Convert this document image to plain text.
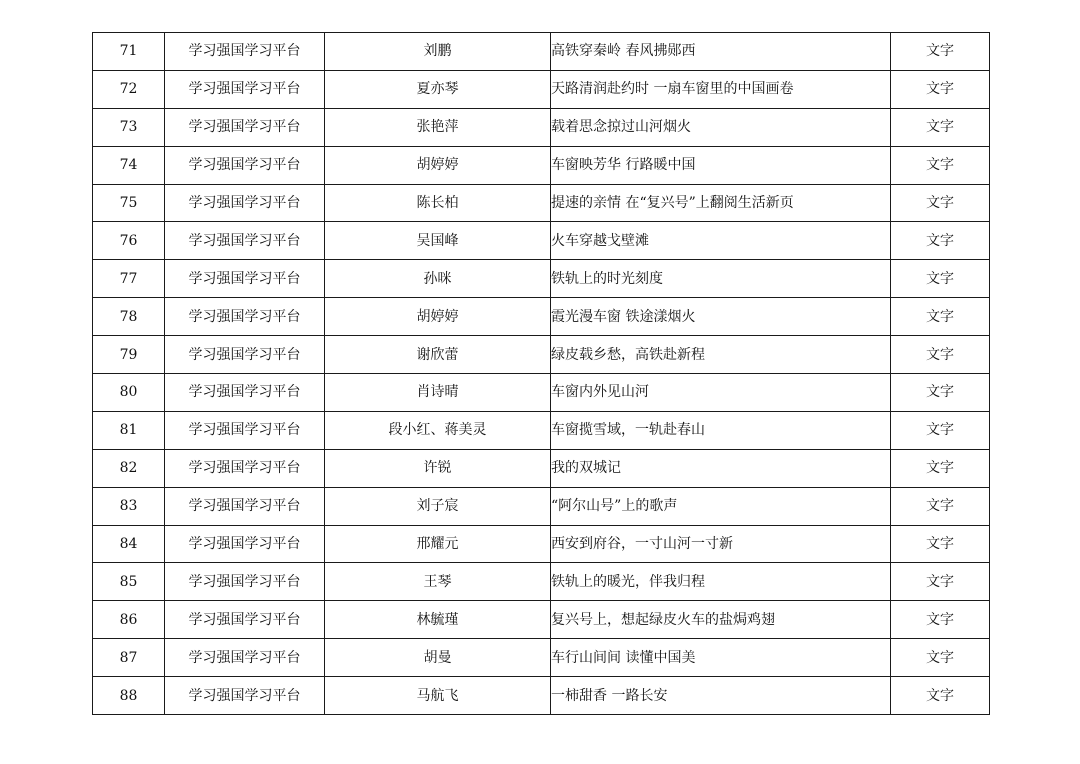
71	学习强国学习平台	刘鹏	高铁穿秦岭 春风拂郧西	文字
72	学习强国学习平台	夏亦琴	天路清润赴约时 一扇车窗里的中国画卷	文字
73	学习强国学习平台	张艳萍	载着思念掠过山河烟火	文字
74	学习强国学习平台	胡婷婷	车窗映芳华 行路暖中国	文字
75	学习强国学习平台	陈长柏	提速的亲情 在“复兴号”上翻阅生活新页	文字
76	学习强国学习平台	吴国峰	火车穿越戈壁滩	文字
77	学习强国学习平台	孙咪	铁轨上的时光刻度	文字
78	学习强国学习平台	胡婷婷	霞光漫车窗 铁途漾烟火	文字
79	学习强国学习平台	谢欣蕾	绿皮载乡愁，高铁赴新程	文字
80	学习强国学习平台	肖诗晴	车窗内外见山河	文字
81	学习强国学习平台	段小红、蒋美灵	车窗揽雪域，一轨赴春山	文字
82	学习强国学习平台	许锐	我的双城记	文字
83	学习强国学习平台	刘子宸	“阿尔山号”上的歌声	文字
84	学习强国学习平台	邢耀元	西安到府谷，一寸山河一寸新	文字
85	学习强国学习平台	王琴	铁轨上的暖光，伴我归程	文字
86	学习强国学习平台	林毓瑾	复兴号上，想起绿皮火车的盐焗鸡翅	文字
87	学习强国学习平台	胡曼	车行山间间 读懂中国美	文字
88	学习强国学习平台	马航飞	一柿甜香 一路长安	文字
